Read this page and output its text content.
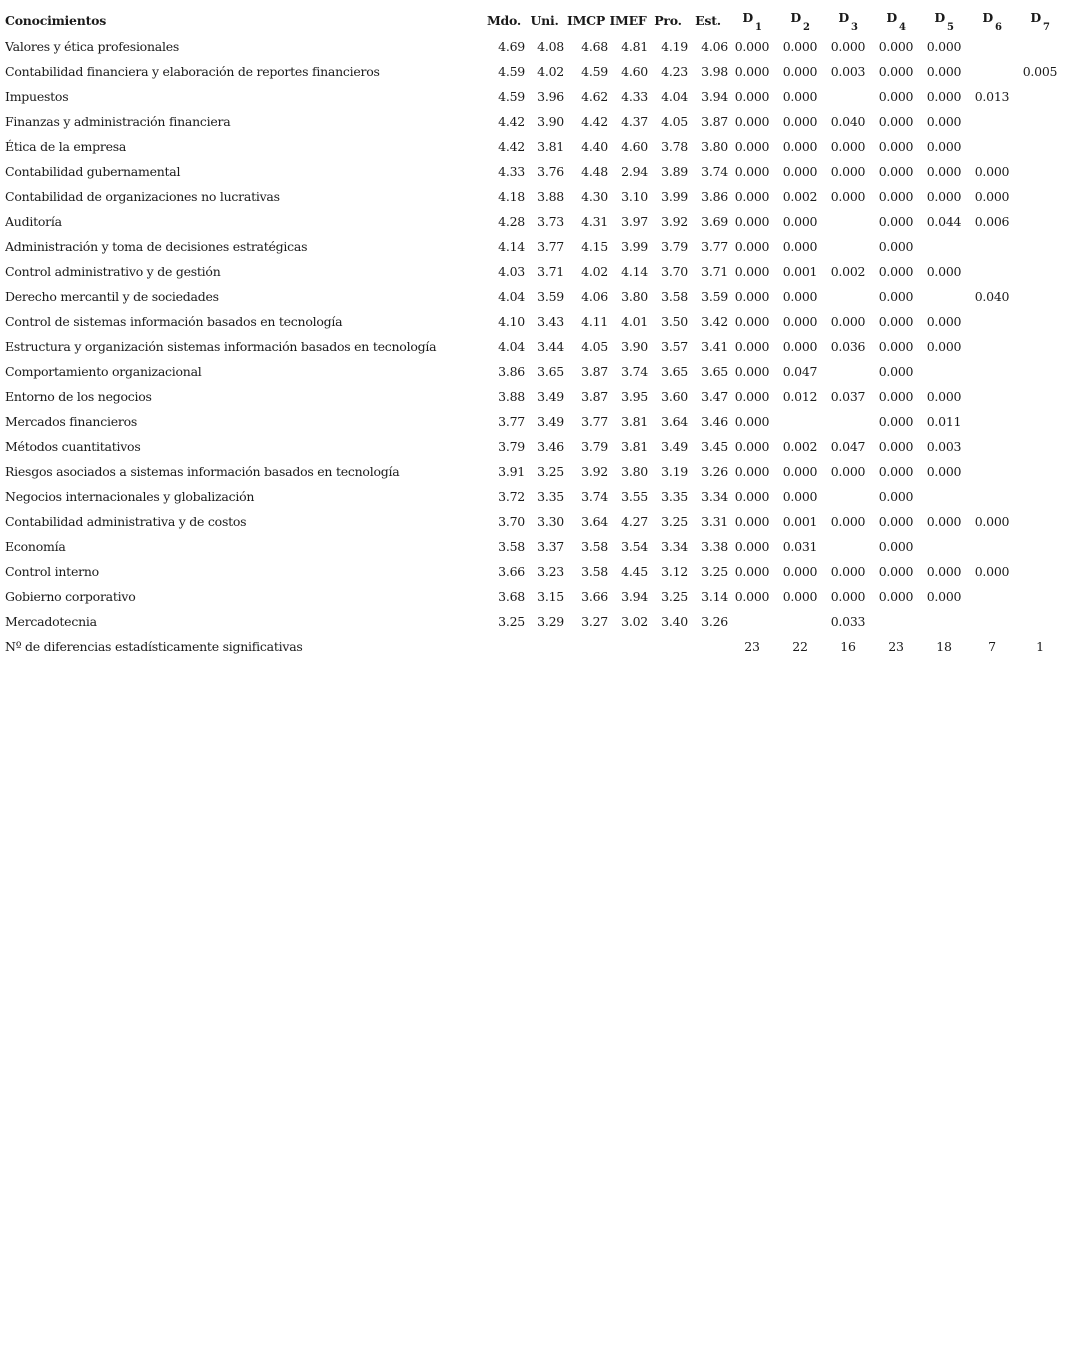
Conocimientos	Mdo.	Uni.	IMCP	IMEF	Pro.	Est.	$D_1$	$D_2$	$D_3$	$D_4$	$D_5$	$D_6$	$D_7$
Valores y ética profesionales	4.69	4.08	4.68	4.81	4.19	4.06	0.000	0.000	0.000	0.000	0.000		
Contabilidad financiera y elaboración de reportes financieros	4.59	4.02	4.59	4.60	4.23	3.98	0.000	0.000	0.003	0.000	0.000		0.005
Impuestos	4.59	3.96	4.62	4.33	4.04	3.94	0.000	0.000		0.000	0.000	0.013	
Finanzas y administración financiera	4.42	3.90	4.42	4.37	4.05	3.87	0.000	0.000	0.040	0.000	0.000		
Ética de la empresa	4.42	3.81	4.40	4.60	3.78	3.80	0.000	0.000	0.000	0.000	0.000		
Contabilidad gubernamental	4.33	3.76	4.48	2.94	3.89	3.74	0.000	0.000	0.000	0.000	0.000	0.000	
Contabilidad de organizaciones no lucrativas	4.18	3.88	4.30	3.10	3.99	3.86	0.000	0.002	0.000	0.000	0.000	0.000	
Auditoría	4.28	3.73	4.31	3.97	3.92	3.69	0.000	0.000		0.000	0.044	0.006	
Administración y toma de decisiones estratégicas	4.14	3.77	4.15	3.99	3.79	3.77	0.000	0.000		0.000			
Control administrativo y de gestión	4.03	3.71	4.02	4.14	3.70	3.71	0.000	0.001	0.002	0.000	0.000		
Derecho mercantil y de sociedades	4.04	3.59	4.06	3.80	3.58	3.59	0.000	0.000		0.000		0.040	
Control de sistemas información basados en tecnología	4.10	3.43	4.11	4.01	3.50	3.42	0.000	0.000	0.000	0.000	0.000		
Estructura y organización sistemas información basados en tecnología	4.04	3.44	4.05	3.90	3.57	3.41	0.000	0.000	0.036	0.000	0.000		
Comportamiento organizacional	3.86	3.65	3.87	3.74	3.65	3.65	0.000	0.047		0.000			
Entorno de los negocios	3.88	3.49	3.87	3.95	3.60	3.47	0.000	0.012	0.037	0.000	0.000		
Mercados financieros	3.77	3.49	3.77	3.81	3.64	3.46	0.000			0.000	0.011		
Métodos cuantitativos	3.79	3.46	3.79	3.81	3.49	3.45	0.000	0.002	0.047	0.000	0.003		
Riesgos asociados a sistemas información basados en tecnología	3.91	3.25	3.92	3.80	3.19	3.26	0.000	0.000	0.000	0.000	0.000		
Negocios internacionales y globalización	3.72	3.35	3.74	3.55	3.35	3.34	0.000	0.000		0.000			
Contabilidad administrativa y de costos	3.70	3.30	3.64	4.27	3.25	3.31	0.000	0.001	0.000	0.000	0.000	0.000	
Economía	3.58	3.37	3.58	3.54	3.34	3.38	0.000	0.031		0.000			
Control interno	3.66	3.23	3.58	4.45	3.12	3.25	0.000	0.000	0.000	0.000	0.000	0.000	
Gobierno corporativo	3.68	3.15	3.66	3.94	3.25	3.14	0.000	0.000	0.000	0.000	0.000		
Mercadotecnia	3.25	3.29	3.27	3.02	3.40	3.26			0.033				
Nº de diferencias estadísticamente significativas							23	22	16	23	18	7	1
